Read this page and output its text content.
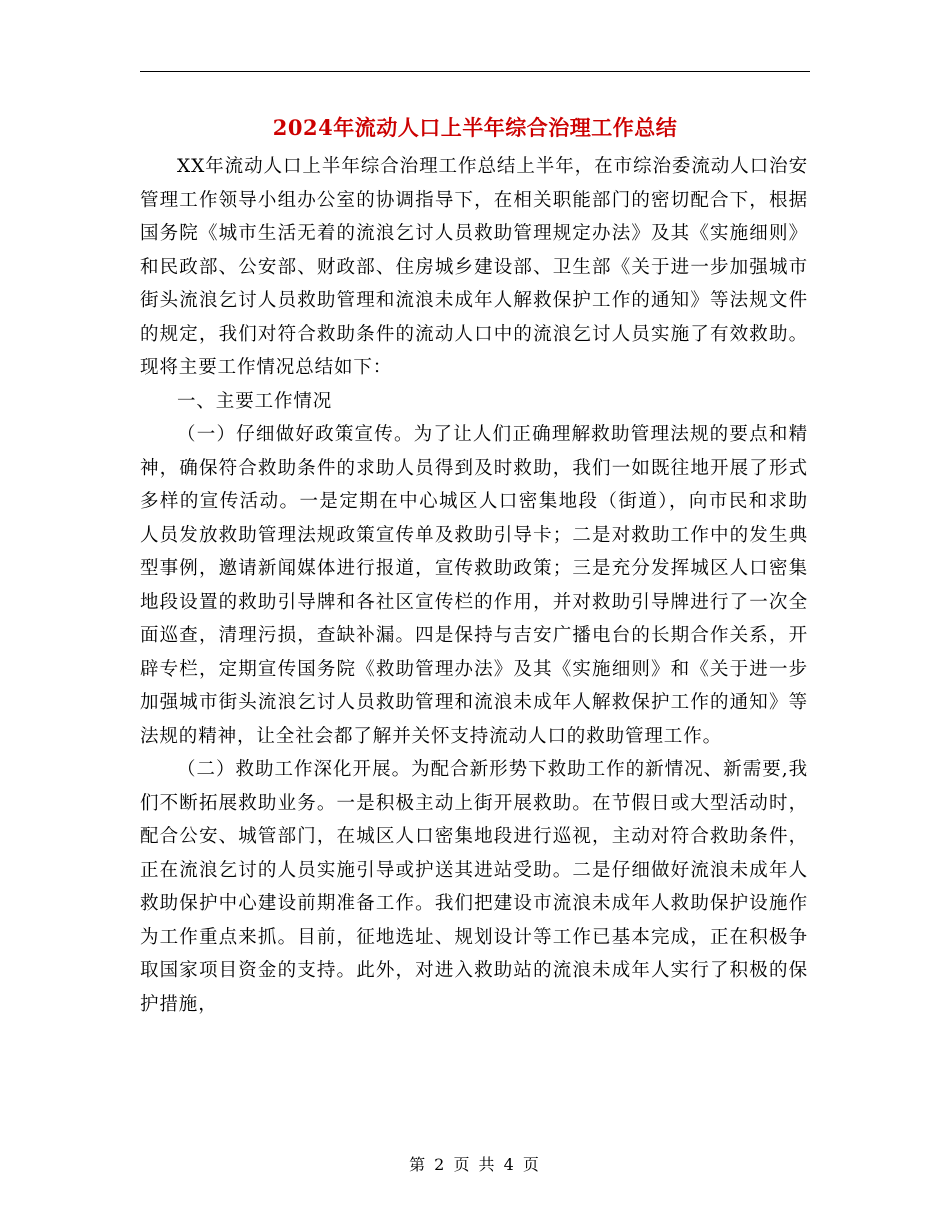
2024年流动人口上半年综合治理工作总结

XX年流动人口上半年综合治理工作总结上半年，在市综治委流动人口治安管理工作领导小组办公室的协调指导下，在相关职能部门的密切配合下，根据国务院《城市生活无着的流浪乞讨人员救助管理规定办法》及其《实施细则》和民政部、公安部、财政部、住房城乡建设部、卫生部《关于进一步加强城市街头流浪乞讨人员救助管理和流浪未成年人解救保护工作的通知》等法规文件的规定，我们对符合救助条件的流动人口中的流浪乞讨人员实施了有效救助。现将主要工作情况总结如下：

一、主要工作情况

（一）仔细做好政策宣传。为了让人们正确理解救助管理法规的要点和精神，确保符合救助条件的求助人员得到及时救助，我们一如既往地开展了形式多样的宣传活动。一是定期在中心城区人口密集地段（街道），向市民和求助人员发放救助管理法规政策宣传单及救助引导卡；二是对救助工作中的发生典型事例，邀请新闻媒体进行报道，宣传救助政策；三是充分发挥城区人口密集地段设置的救助引导牌和各社区宣传栏的作用，并对救助引导牌进行了一次全面巡查，清理污损，查缺补漏。四是保持与吉安广播电台的长期合作关系，开辟专栏，定期宣传国务院《救助管理办法》及其《实施细则》和《关于进一步加强城市街头流浪乞讨人员救助管理和流浪未成年人解救保护工作的通知》等法规的精神，让全社会都了解并关怀支持流动人口的救助管理工作。

（二）救助工作深化开展。为配合新形势下救助工作的新情况、新需要,我们不断拓展救助业务。一是积极主动上街开展救助。在节假日或大型活动时，配合公安、城管部门，在城区人口密集地段进行巡视，主动对符合救助条件，正在流浪乞讨的人员实施引导或护送其进站受助。二是仔细做好流浪未成年人救助保护中心建设前期准备工作。我们把建设市流浪未成年人救助保护设施作为工作重点来抓。目前，征地选址、规划设计等工作已基本完成，正在积极争取国家项目资金的支持。此外，对进入救助站的流浪未成年人实行了积极的保护措施，

第 2 页 共 4 页
